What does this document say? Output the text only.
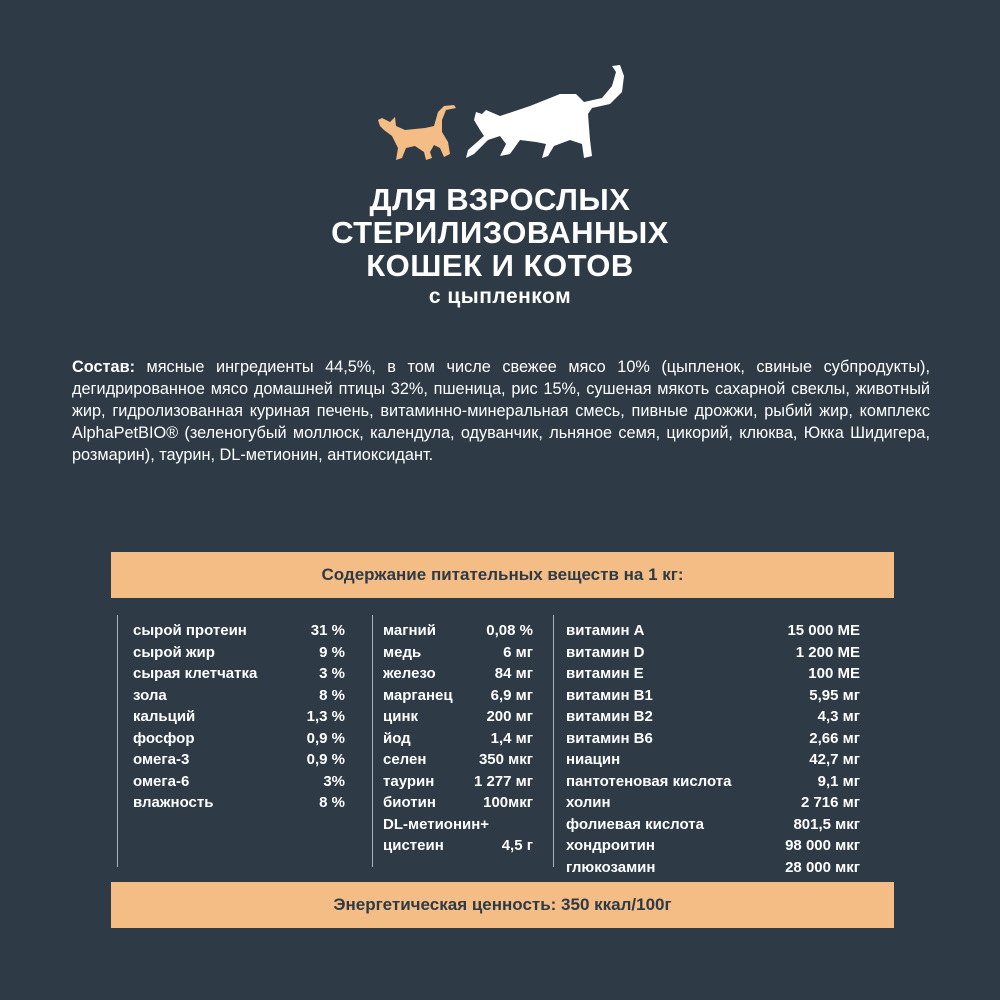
ДЛЯ ВЗРОСЛЫХ
СТЕРИЛИЗОВАННЫХ
КОШЕК И КОТОВ
с цыпленком

Состав: мясные ингредиенты 44,5%, в том числе свежее мясо 10% (цыпленок, свиные субпродукты), дегидрированное мясо домашней птицы 32%, пшеница, рис 15%, сушеная мякоть сахарной свеклы, животный жир, гидролизованная куриная печень, витаминно-минеральная смесь, пивные дрожжи, рыбий жир, комплекс AlphaPetBIO® (зеленогубый моллюск, календула, одуванчик, льняное семя, цикорий, клюква, Юкка Шидигера, розмарин), таурин, DL-метионин, антиоксидант.

Содержание питательных веществ на 1 кг:
Энергетическая ценность: 350 ккал/100г
сырой протеин	31 %
сырой жир	9 %
сырая клетчатка	3 %
зола	8 %
кальций	1,3 %
фосфор	0,9 %
омега-3	0,9 %
омега-6	3%
влажность	8 %
магний	0,08 %
медь	6 мг
железо	84 мг
марганец	6,9 мг
цинк	200 мг
йод	1,4 мг
селен	350 мкг
таурин	1 277 мг
биотин	100мкг
DL-метионин+
цистеин	4,5 г
витамин A	15 000 МЕ
витамин D	1 200 МЕ
витамин E	100 МЕ
витамин B1	5,95 мг
витамин B2	4,3 мг
витамин B6	2,66 мг
ниацин	42,7 мг
пантотеновая кислота	9,1 мг
холин	2 716 мг
фолиевая кислота	801,5 мкг
хондроитин	98 000 мкг
глюкозамин	28 000 мкг
